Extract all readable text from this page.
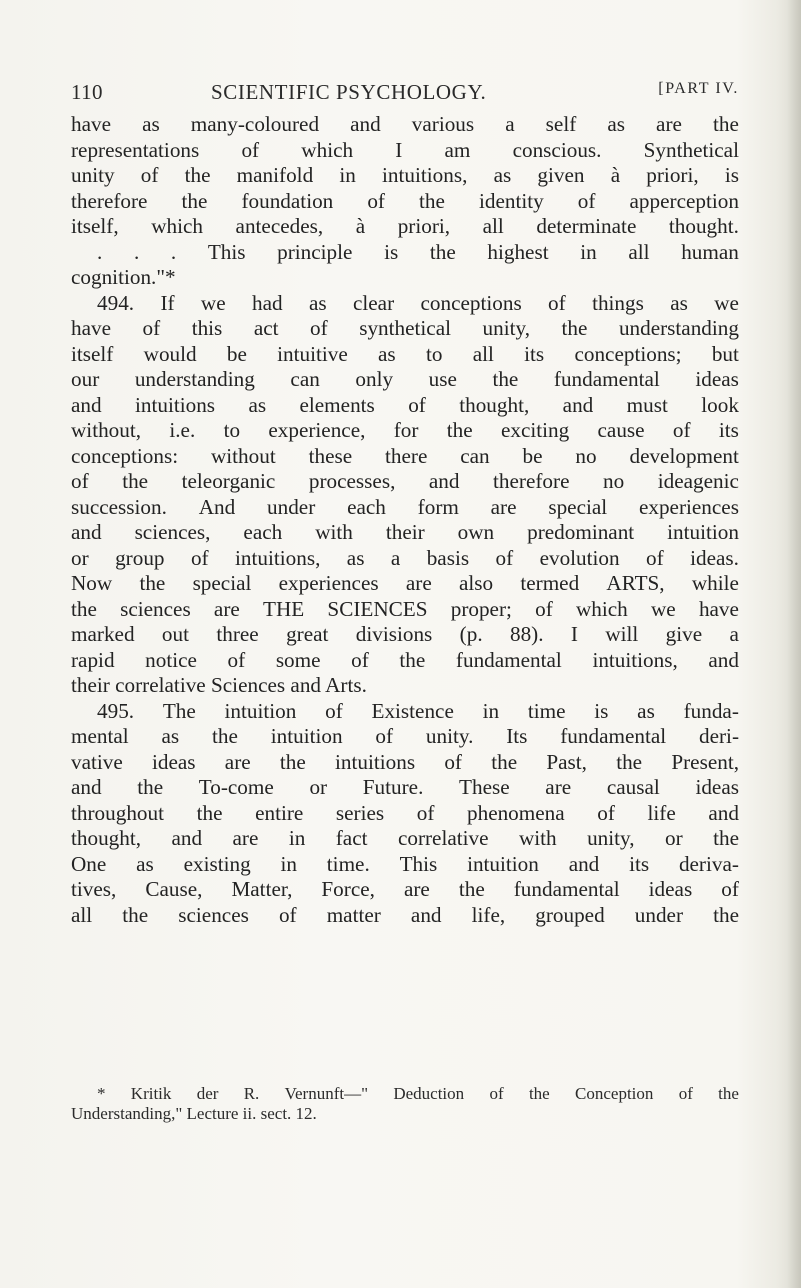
110	SCIENTIFIC PSYCHOLOGY.	[PART IV.
have as many-coloured and various a self as are the
representations of which I am conscious. Synthetical
unity of the manifold in intuitions, as given à priori, is
therefore the foundation of the identity of apperception
itself, which antecedes, à priori, all determinate thought.
. . . This principle is the highest in all human
cognition."*
494. If we had as clear conceptions of things as we
have of this act of synthetical unity, the understanding
itself would be intuitive as to all its conceptions; but
our understanding can only use the fundamental ideas
and intuitions as elements of thought, and must look
without, i.e. to experience, for the exciting cause of its
conceptions: without these there can be no development
of the teleorganic processes, and therefore no ideagenic
succession. And under each form are special experiences
and sciences, each with their own predominant intuition
or group of intuitions, as a basis of evolution of ideas.
Now the special experiences are also termed ARTS, while
the sciences are THE SCIENCES proper; of which we have
marked out three great divisions (p. 88). I will give a
rapid notice of some of the fundamental intuitions, and
their correlative Sciences and Arts.
495. The intuition of Existence in time is as funda-
mental as the intuition of unity. Its fundamental deri-
vative ideas are the intuitions of the Past, the Present,
and the To-come or Future. These are causal ideas
throughout the entire series of phenomena of life and
thought, and are in fact correlative with unity, or the
One as existing in time. This intuition and its deriva-
tives, Cause, Matter, Force, are the fundamental ideas of
all the sciences of matter and life, grouped under the
* Kritik der R. Vernunft—" Deduction of the Conception of the
Understanding," Lecture ii. sect. 12.
